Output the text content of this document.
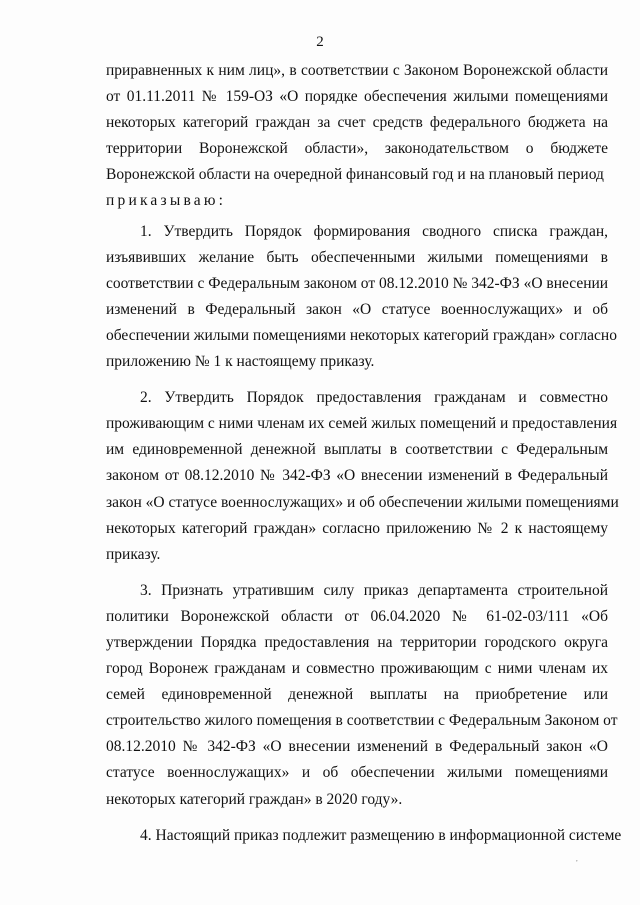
2
приравненных к ним лиц», в соответствии с Законом Воронежской области
от 01.11.2011 № 159-ОЗ «О порядке обеспечения жилыми помещениями
некоторых категорий граждан за счет средств федерального бюджета на
территории Воронежской области», законодательством о бюджете
Воронежской области на очередной финансовый год и на плановый период
приказываю:
1. Утвердить Порядок формирования сводного списка граждан,
изъявивших желание быть обеспеченными жилыми помещениями в
соответствии с Федеральным законом от 08.12.2010 № 342-ФЗ «О внесении
изменений в Федеральный закон «О статусе военнослужащих» и об
обеспечении жилыми помещениями некоторых категорий граждан» согласно
приложению № 1 к настоящему приказу.
2. Утвердить Порядок предоставления гражданам и совместно
проживающим с ними членам их семей жилых помещений и предоставления
им единовременной денежной выплаты в соответствии с Федеральным
законом от 08.12.2010 № 342-ФЗ «О внесении изменений в Федеральный
закон «О статусе военнослужащих» и об обеспечении жилыми помещениями
некоторых категорий граждан» согласно приложению № 2 к настоящему
приказу.
3. Признать утратившим силу приказ департамента строительной
политики Воронежской области от 06.04.2020 № 61-02-03/111 «Об
утверждении Порядка предоставления на территории городского округа
город Воронеж гражданам и совместно проживающим с ними членам их
семей единовременной денежной выплаты на приобретение или
строительство жилого помещения в соответствии с Федеральным Законом от
08.12.2010 № 342-ФЗ «О внесении изменений в Федеральный закон «О
статусе военнослужащих» и об обеспечении жилыми помещениями
некоторых категорий граждан» в 2020 году».
4. Настоящий приказ подлежит размещению в информационной системе
ʼ
